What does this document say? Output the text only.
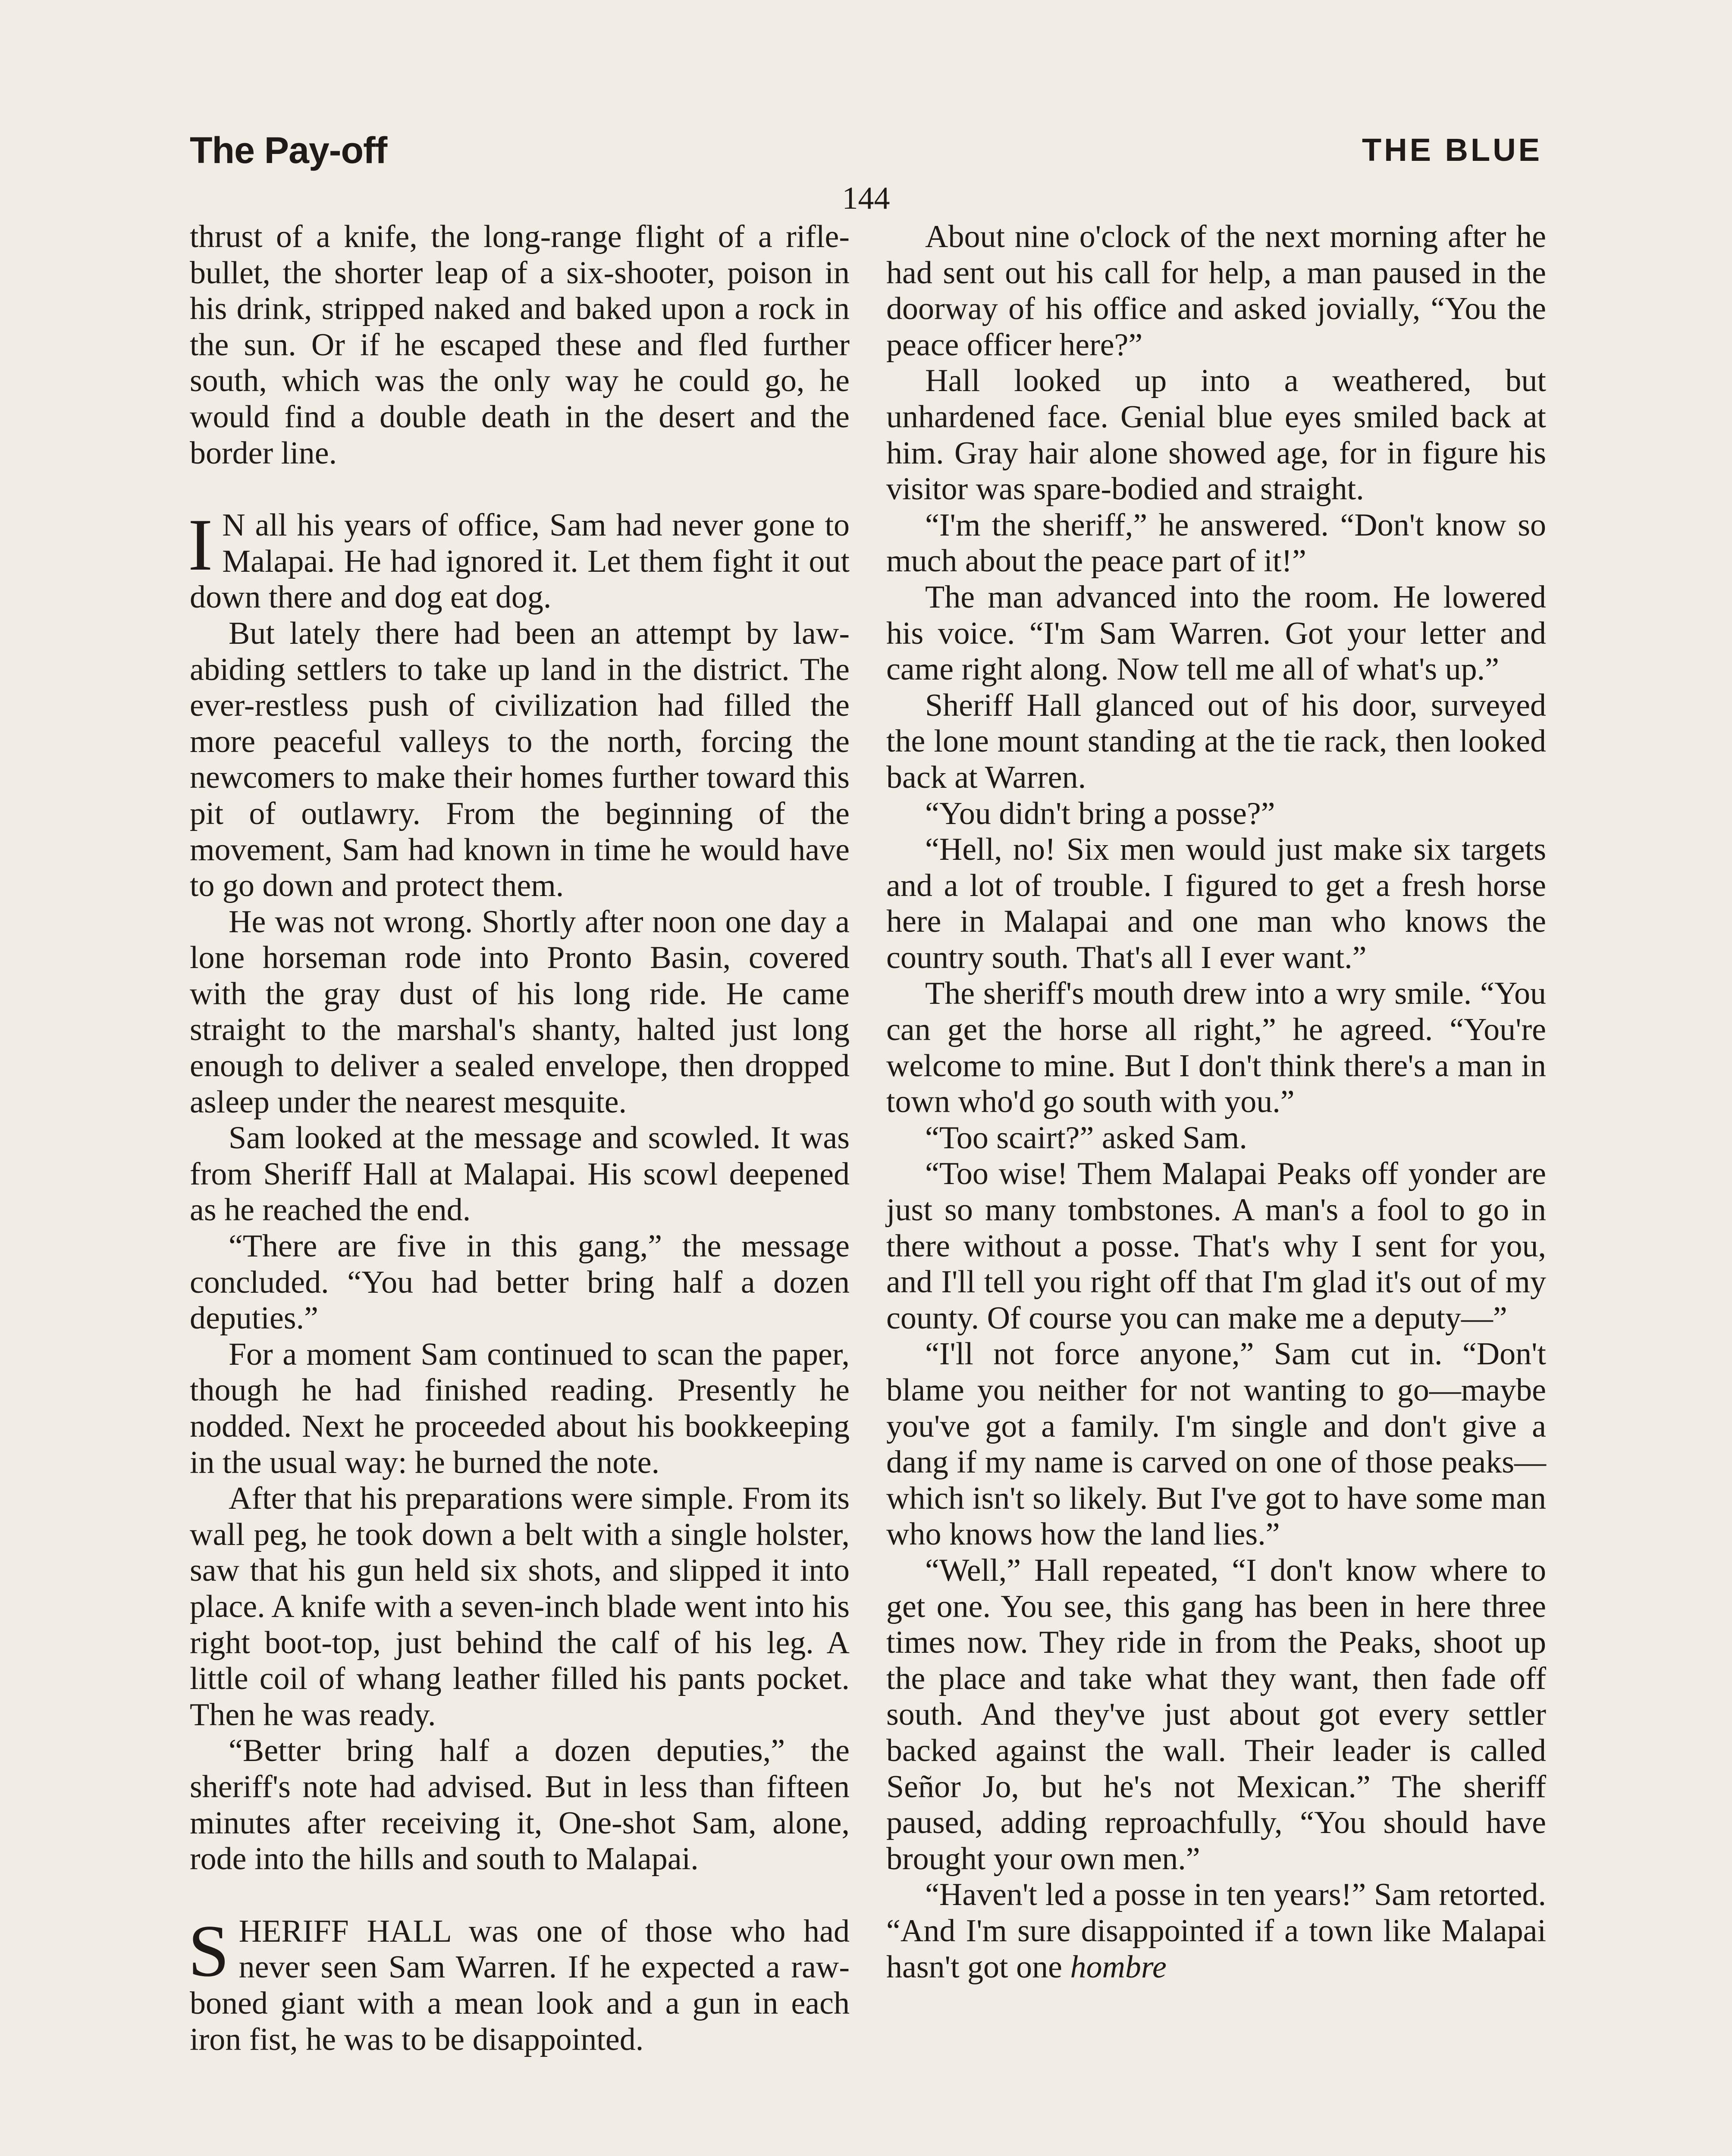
The Pay-off	THE BLUE
144

thrust of a knife, the long-range flight of a rifle-bullet, the shorter leap of a six-shooter, poison in his drink, stripped naked and baked upon a rock in the sun. Or if he escaped these and fled further south, which was the only way he could go, he would find a double death in the desert and the border line.

I N all his years of office, Sam had never gone to Malapai. He had ignored it. Let them fight it out down there and dog eat dog.

But lately there had been an attempt by law-abiding settlers to take up land in the district. The ever-restless push of civilization had filled the more peaceful valleys to the north, forcing the newcomers to make their homes further toward this pit of outlawry. From the beginning of the movement, Sam had known in time he would have to go down and protect them.

He was not wrong. Shortly after noon one day a lone horseman rode into Pronto Basin, covered with the gray dust of his long ride. He came straight to the marshal's shanty, halted just long enough to deliver a sealed envelope, then dropped asleep under the nearest mesquite.

Sam looked at the message and scowled. It was from Sheriff Hall at Malapai. His scowl deepened as he reached the end.

“There are five in this gang,” the message concluded. “You had better bring half a dozen deputies.”

For a moment Sam continued to scan the paper, though he had finished reading. Presently he nodded. Next he proceeded about his bookkeeping in the usual way: he burned the note.

After that his preparations were simple. From its wall peg, he took down a belt with a single holster, saw that his gun held six shots, and slipped it into place. A knife with a seven-inch blade went into his right boot-top, just behind the calf of his leg. A little coil of whang leather filled his pants pocket. Then he was ready.

“Better bring half a dozen deputies,” the sheriff's note had advised. But in less than fifteen minutes after receiving it, One-shot Sam, alone, rode into the hills and south to Malapai.

SHERIFF HALL was one of those who had never seen Sam Warren. If he expected a raw-boned giant with a mean look and a gun in each iron fist, he was to be disappointed.

About nine o'clock of the next morning after he had sent out his call for help, a man paused in the doorway of his office and asked jovially, “You the peace officer here?”

Hall looked up into a weathered, but unhardened face. Genial blue eyes smiled back at him. Gray hair alone showed age, for in figure his visitor was spare-bodied and straight.

“I'm the sheriff,” he answered. “Don't know so much about the peace part of it!”

The man advanced into the room. He lowered his voice. “I'm Sam Warren. Got your letter and came right along. Now tell me all of what's up.”

Sheriff Hall glanced out of his door, surveyed the lone mount standing at the tie rack, then looked back at Warren.

“You didn't bring a posse?”

“Hell, no! Six men would just make six targets and a lot of trouble. I figured to get a fresh horse here in Malapai and one man who knows the country south. That's all I ever want.”

The sheriff's mouth drew into a wry smile. “You can get the horse all right,” he agreed. “You're welcome to mine. But I don't think there's a man in town who'd go south with you.”

“Too scairt?” asked Sam.

“Too wise! Them Malapai Peaks off yonder are just so many tombstones. A man's a fool to go in there without a posse. That's why I sent for you, and I'll tell you right off that I'm glad it's out of my county. Of course you can make me a deputy—”

“I'll not force anyone,” Sam cut in. “Don't blame you neither for not wanting to go—maybe you've got a family. I'm single and don't give a dang if my name is carved on one of those peaks—which isn't so likely. But I've got to have some man who knows how the land lies.”

“Well,” Hall repeated, “I don't know where to get one. You see, this gang has been in here three times now. They ride in from the Peaks, shoot up the place and take what they want, then fade off south. And they've just about got every settler backed against the wall. Their leader is called Señor Jo, but he's not Mexican.” The sheriff paused, adding reproachfully, “You should have brought your own men.”

“Haven't led a posse in ten years!” Sam retorted. “And I'm sure disappointed if a town like Malapai hasn't got one hombre
